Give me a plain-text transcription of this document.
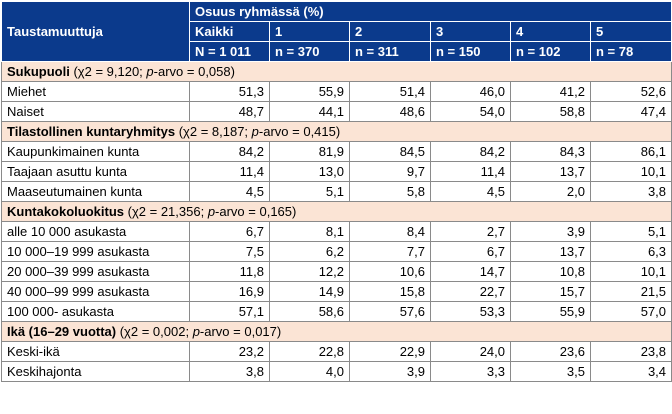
Taustamuuttuja	Osuus ryhmässä (%)					
	Kaikki	1	2	3	4	5
	N = 1 011	n = 370	n = 311	n = 150	n = 102	n = 78
Sukupuoli (χ2 = 9,120; p-arvo = 0,058)						
Miehet	51,3	55,9	51,4	46,0	41,2	52,6
Naiset	48,7	44,1	48,6	54,0	58,8	47,4
Tilastollinen kuntaryhmitys (χ2 = 8,187; p-arvo = 0,415)						
Kaupunkimainen kunta	84,2	81,9	84,5	84,2	84,3	86,1
Taajaan asuttu kunta	11,4	13,0	9,7	11,4	13,7	10,1
Maaseutumainen kunta	4,5	5,1	5,8	4,5	2,0	3,8
Kuntakokoluokitus (χ2 = 21,356; p-arvo = 0,165)						
alle 10 000 asukasta	6,7	8,1	8,4	2,7	3,9	5,1
10 000–19 999 asukasta	7,5	6,2	7,7	6,7	13,7	6,3
20 000–39 999 asukasta	11,8	12,2	10,6	14,7	10,8	10,1
40 000–99 999 asukasta	16,9	14,9	15,8	22,7	15,7	21,5
100 000- asukasta	57,1	58,6	57,6	53,3	55,9	57,0
Ikä (16–29 vuotta) (χ2 = 0,002; p-arvo = 0,017)						
Keski-ikä	23,2	22,8	22,9	24,0	23,6	23,8
Keskihajonta	3,8	4,0	3,9	3,3	3,5	3,4
